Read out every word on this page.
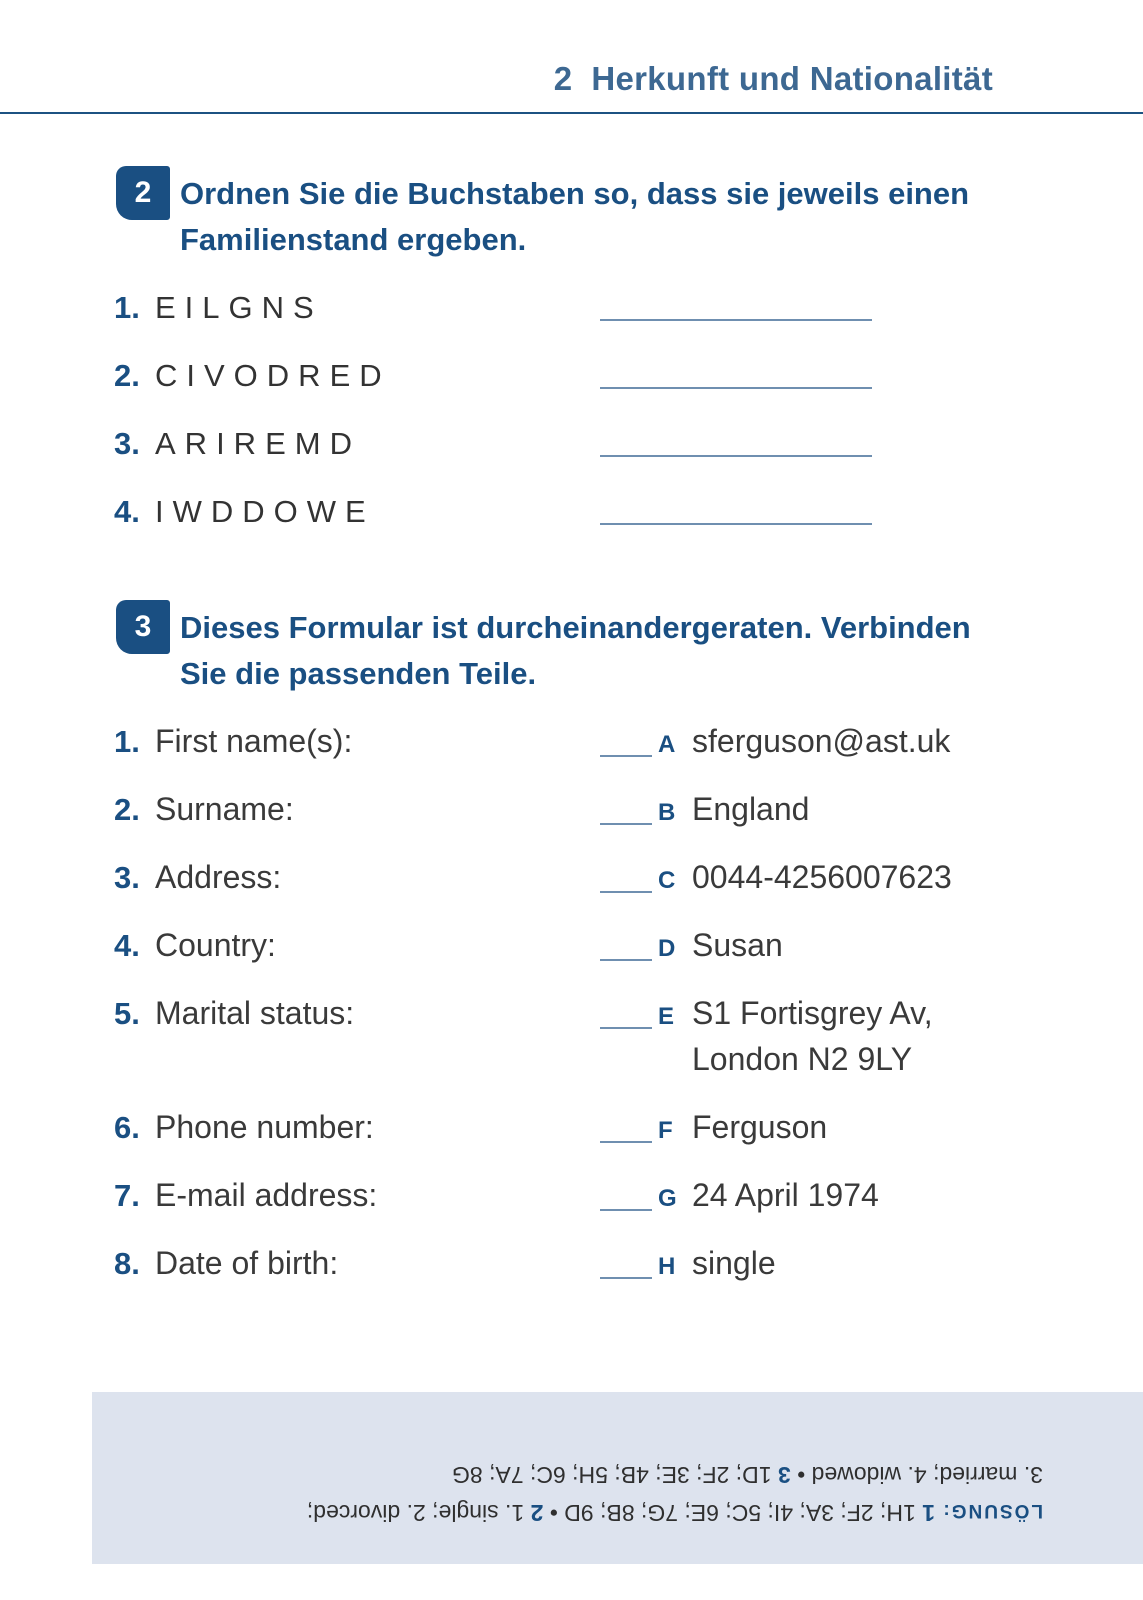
2 Herkunft und Nationalität
2 Ordnen Sie die Buchstaben so, dass sie jeweils einen
Familienstand ergeben.
1. EILGNS
2. CIVODRED
3. ARIREMD
4. IWDDOWE
3 Dieses Formular ist durcheinandergeraten. Verbinden
Sie die passenden Teile.
1. First name(s):	A sferguson@ast.uk
2. Surname:	B England
3. Address:	C 0044-4256007623
4. Country:	D Susan
5. Marital status:	E S1 Fortisgrey Av,
London N2 9LY
6. Phone number:	F Ferguson
7. E-mail address:	G 24 April 1974
8. Date of birth:	H single
LÖSUNG: 1 1H; 2F; 3A; 4I; 5C; 6E; 7G; 8B; 9D • 2 1. single; 2. divorced;
3. married; 4. widowed • 3 1D; 2F; 3E; 4B; 5H; 6C; 7A; 8G
